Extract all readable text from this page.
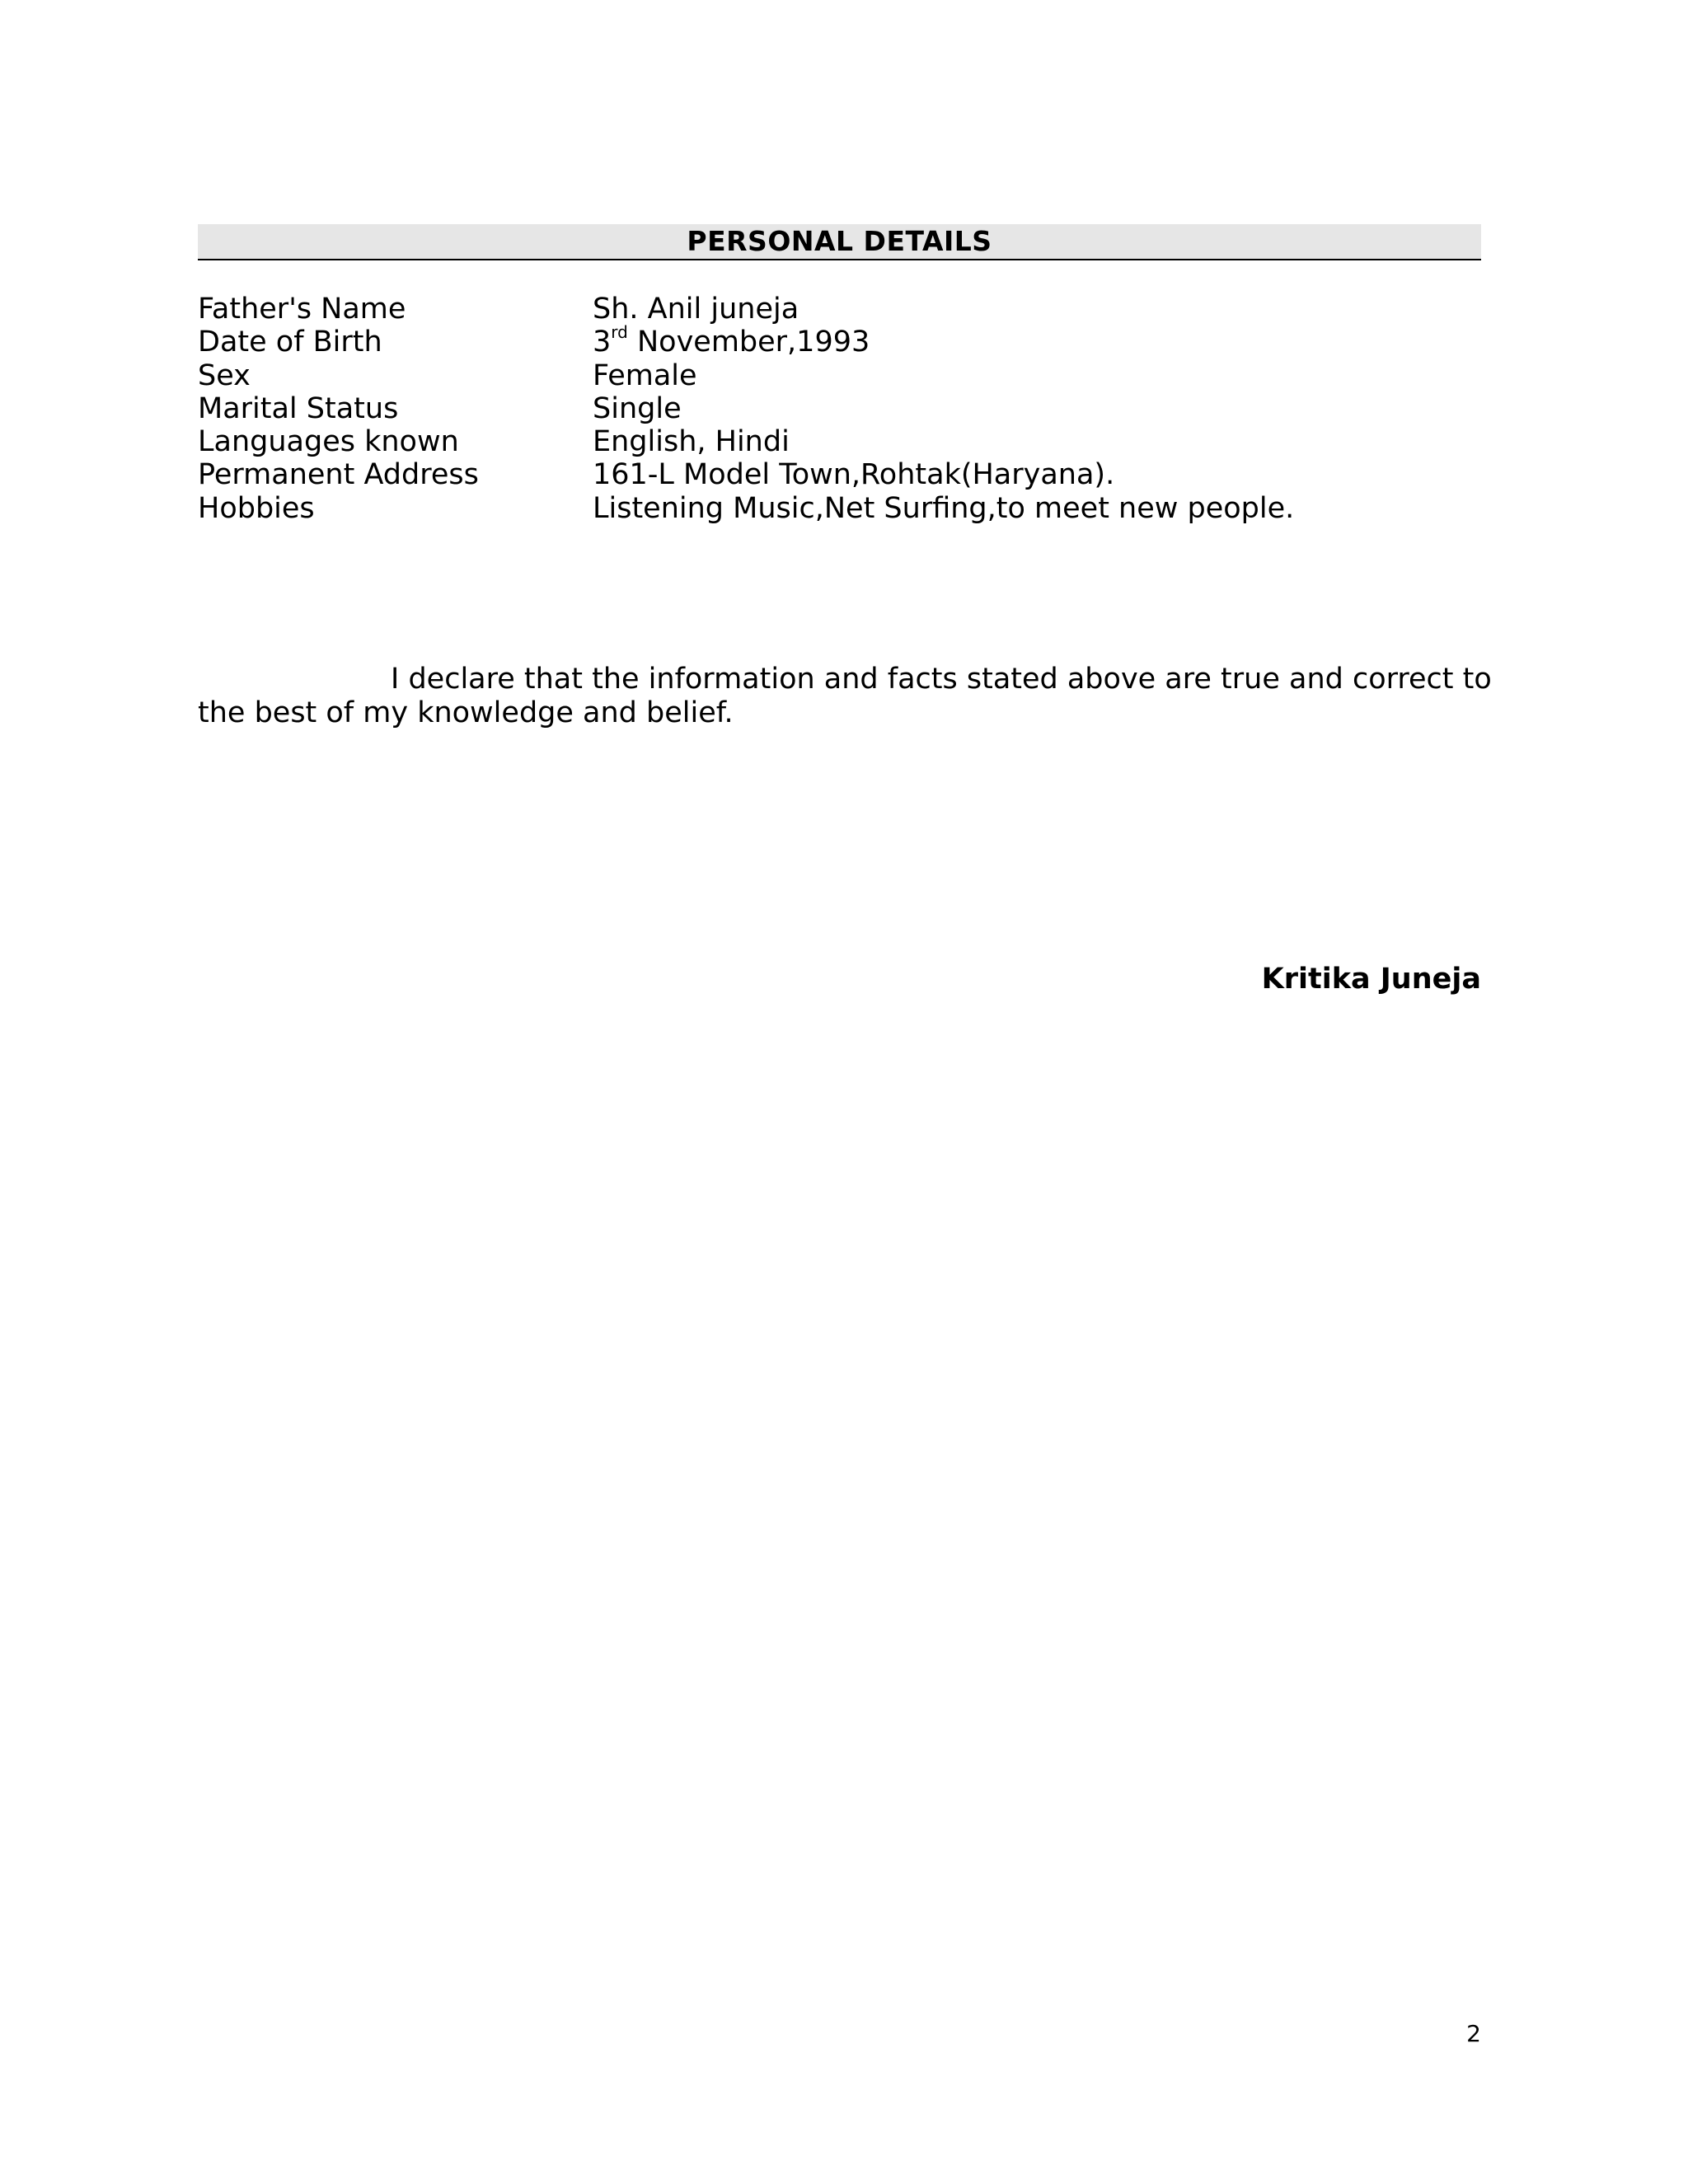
PERSONAL DETAILS
Father's Name	Sh. Anil juneja
Date of Birth	3rd November,1993
Sex	Female
Marital Status	Single
Languages known	English, Hindi
Permanent Address	161-L Model Town,Rohtak(Haryana).
Hobbies	Listening Music,Net Surfing,to meet new people.
I declare that the information and facts stated above are true and correct to
the best of my knowledge and belief.
Kritika Juneja
2
